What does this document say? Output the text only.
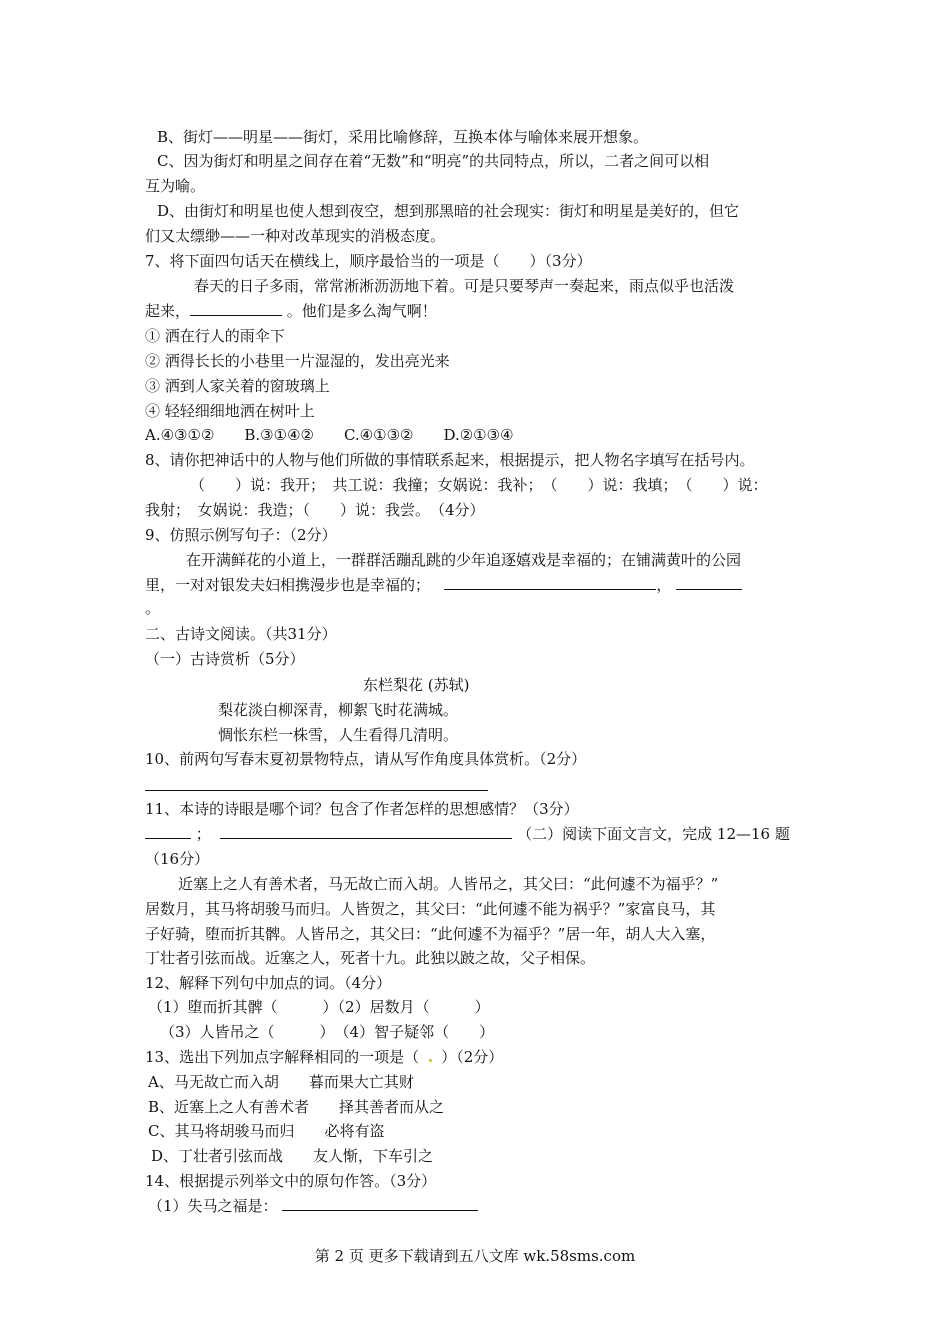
B、街灯——明星——街灯，采用比喻修辞，互换本体与喻体来展开想象。
C、因为街灯和明星之间存在着“无数”和“明亮”的共同特点，所以，二者之间可以相
互为喻。
D、由街灯和明星也使人想到夜空，想到那黑暗的社会现实：街灯和明星是美好的，但它
们又太缥缈——一种对改革现实的消极态度。
7、将下面四句话天在横线上，顺序最恰当的一项是（　　）（3分）
春天的日子多雨，常常淅淅沥沥地下着。可是只要琴声一奏起来，雨点似乎也活泼
起来，	。他们是多么淘气啊！
① 洒在行人的雨伞下
② 洒得长长的小巷里一片湿湿的，发出亮光来
③ 洒到人家关着的窗玻璃上
④ 轻轻细细地洒在树叶上
A.④③①②　　B.③①④②　　C.④①③②　　D.②①③④
8、请你把神话中的人物与他们所做的事情联系起来，根据提示，把人物名字填写在括号内。
（　　）说：我开；　共工说：我撞；女娲说：我补；　（　　）说：我填；　（　　）说：
我射；　女娲说：我造；（　　）说：我尝。　（4分）
9、仿照示例写句子：（2分）
在开满鲜花的小道上，一群群活蹦乱跳的少年追逐嬉戏是幸福的；在铺满黄叶的公园
里，一对对银发夫妇相携漫步也是幸福的；	，
。
二、古诗文阅读。（共31分）
（一）古诗赏析（5分）
东栏梨花 (苏轼)
梨花淡白柳深青，柳絮飞时花满城。
惆怅东栏一株雪，人生看得几清明。
10、前两句写春末夏初景物特点，请从写作角度具体赏析。（2分）
11、本诗的诗眼是哪个词？包含了作者怎样的思想感情？（3分）
；	（二）阅读下面文言文，完成 12—16 题
（16分）
近塞上之人有善术者，马无故亡而入胡。人皆吊之，其父曰：“此何遽不为福乎？”
居数月，其马将胡骏马而归。人皆贺之，其父曰：“此何遽不能为祸乎？”家富良马，其
子好骑，堕而折其髀。人皆吊之，其父曰：“此何遽不为福乎？”居一年，胡人大入塞，
丁壮者引弦而战。近塞之人，死者十九。此独以跛之故，父子相保。
12、解释下列句中加点的词。（4分）
（1）堕而折其髀（　　　）（2）居数月（　　　）
（3）人皆吊之（　　　）　（4）智子疑邻（　　）
13、选出下列加点字解释相同的一项是（ ）（2分）
A、马无故亡而入胡　　暮而果大亡其财
B、近塞上之人有善术者　　择其善者而从之
C、其马将胡骏马而归　　必将有盗
D、丁壮者引弦而战　　友人惭，下车引之
14、根据提示列举文中的原句作答。（3分）
（1）失马之福是：
第 2 页 更多下载请到五八文库 wk.58sms.com
